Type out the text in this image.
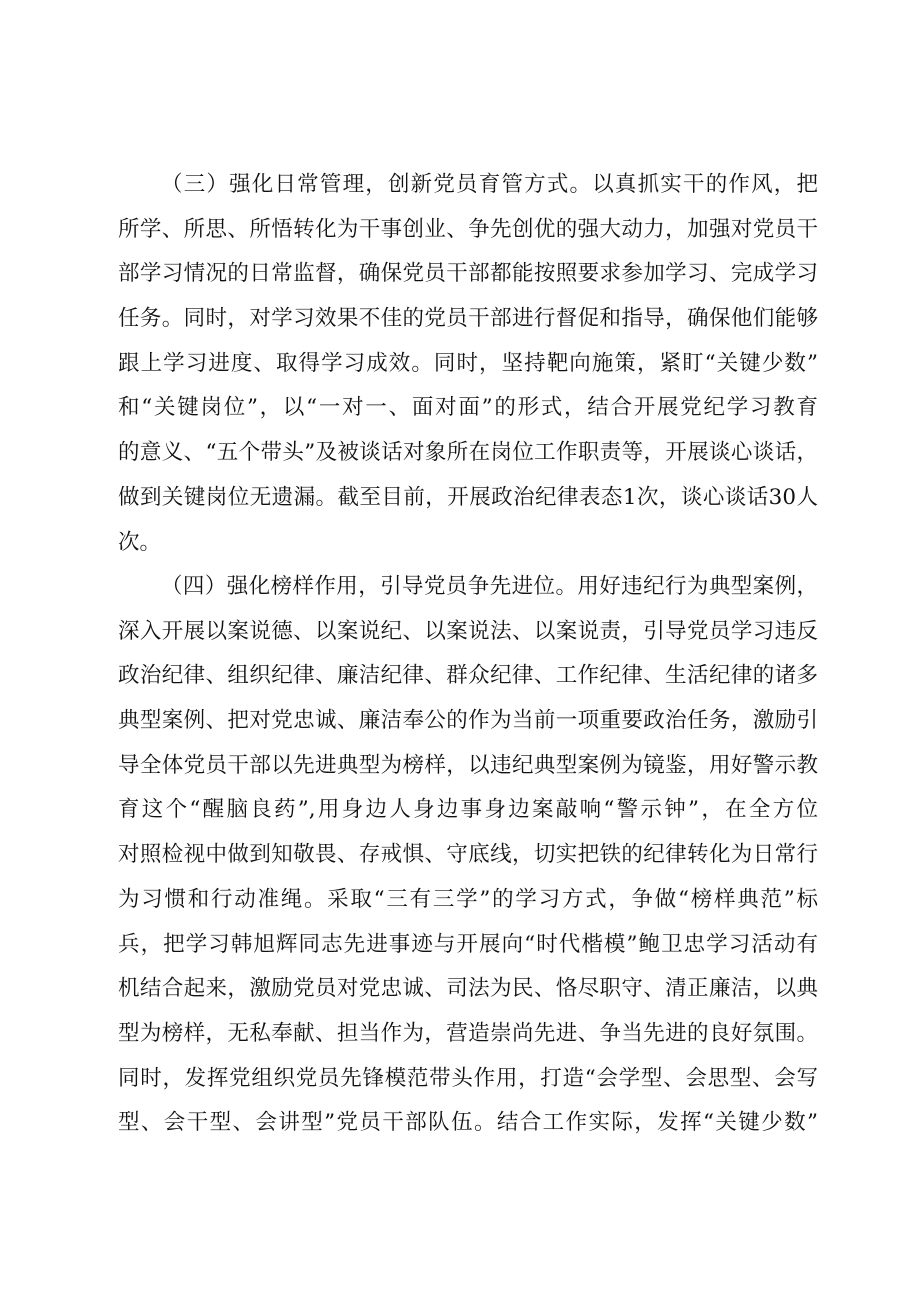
（三）强化日常管理，创新党员育管方式。以真抓实干的作风，把
所学、所思、所悟转化为干事创业、争先创优的强大动力，加强对党员干
部学习情况的日常监督，确保党员干部都能按照要求参加学习、完成学习
任务。同时，对学习效果不佳的党员干部进行督促和指导，确保他们能够
跟上学习进度、取得学习成效。同时，坚持靶向施策，紧盯“关键少数”
和“关键岗位”，以“一对一、面对面”的形式，结合开展党纪学习教育
的意义、“五个带头”及被谈话对象所在岗位工作职责等，开展谈心谈话，
做到关键岗位无遗漏。截至目前，开展政治纪律表态1次，谈心谈话30人
次。
（四）强化榜样作用，引导党员争先进位。用好违纪行为典型案例，
深入开展以案说德、以案说纪、以案说法、以案说责，引导党员学习违反
政治纪律、组织纪律、廉洁纪律、群众纪律、工作纪律、生活纪律的诸多
典型案例、把对党忠诚、廉洁奉公的作为当前一项重要政治任务，激励引
导全体党员干部以先进典型为榜样，以违纪典型案例为镜鉴，用好警示教
育这个“醒脑良药”,用身边人身边事身边案敲响“警示钟”，在全方位
对照检视中做到知敬畏、存戒惧、守底线，切实把铁的纪律转化为日常行
为习惯和行动准绳。采取“三有三学”的学习方式，争做“榜样典范”标
兵，把学习韩旭辉同志先进事迹与开展向“时代楷模”鲍卫忠学习活动有
机结合起来，激励党员对党忠诚、司法为民、恪尽职守、清正廉洁，以典
型为榜样，无私奉献、担当作为，营造崇尚先进、争当先进的良好氛围。
同时，发挥党组织党员先锋模范带头作用，打造“会学型、会思型、会写
型、会干型、会讲型”党员干部队伍。结合工作实际，发挥“关键少数”
